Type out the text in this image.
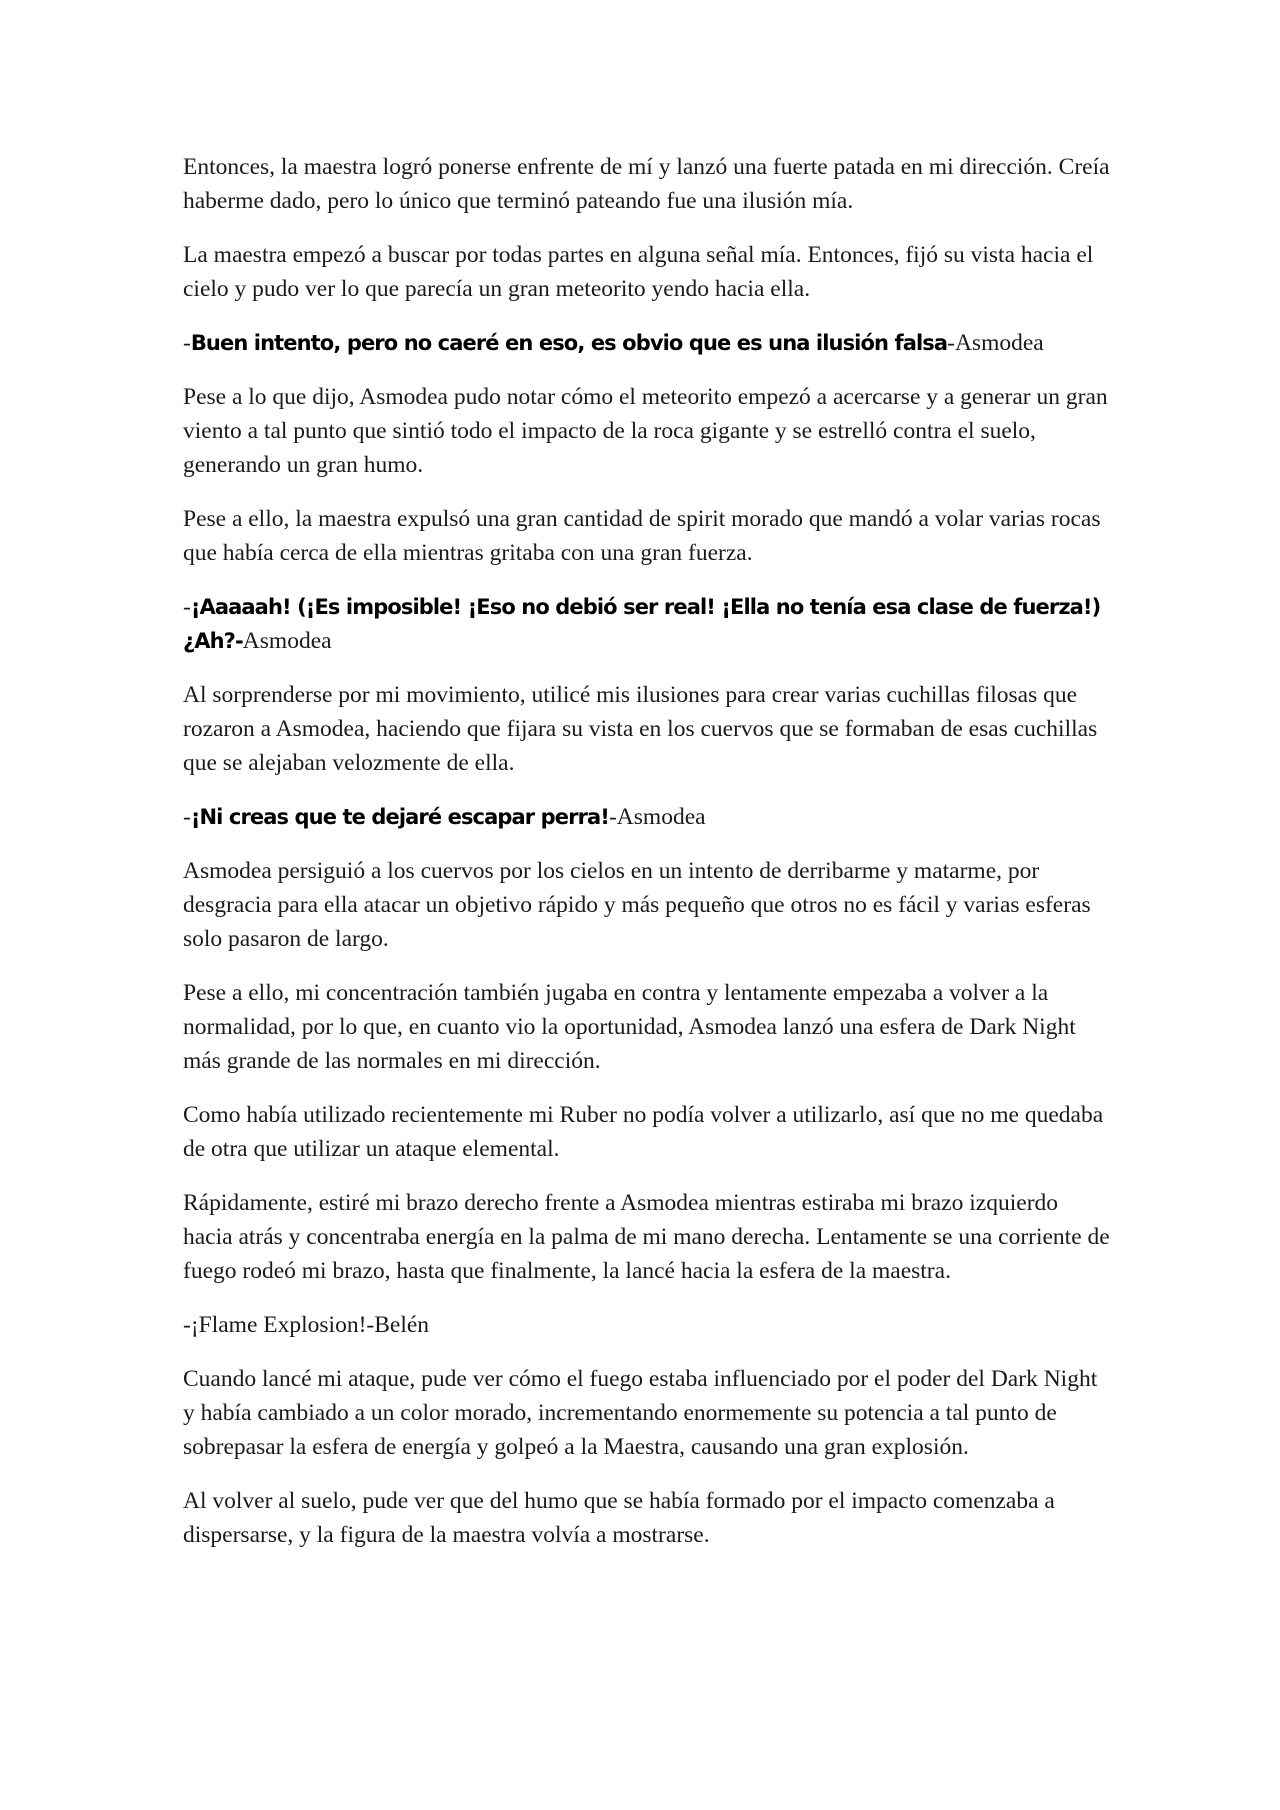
Entonces, la maestra logró ponerse enfrente de mí y lanzó una fuerte patada en mi dirección. Creía haberme dado, pero lo único que terminó pateando fue una ilusión mía.

La maestra empezó a buscar por todas partes en alguna señal mía. Entonces, fijó su vista hacia el cielo y pudo ver lo que parecía un gran meteorito yendo hacia ella.

-Buen intento, pero no caeré en eso, es obvio que es una ilusión falsa-Asmodea

Pese a lo que dijo, Asmodea pudo notar cómo el meteorito empezó a acercarse y a generar un gran viento a tal punto que sintió todo el impacto de la roca gigante y se estrelló contra el suelo, generando un gran humo.

Pese a ello, la maestra expulsó una gran cantidad de spirit morado que mandó a volar varias rocas que había cerca de ella mientras gritaba con una gran fuerza.

-¡Aaaaah! (¡Es imposible! ¡Eso no debió ser real! ¡Ella no tenía esa clase de fuerza!) ¿Ah?-Asmodea

Al sorprenderse por mi movimiento, utilicé mis ilusiones para crear varias cuchillas filosas que rozaron a Asmodea, haciendo que fijara su vista en los cuervos que se formaban de esas cuchillas que se alejaban velozmente de ella.

-¡Ni creas que te dejaré escapar perra!-Asmodea

Asmodea persiguió a los cuervos por los cielos en un intento de derribarme y matarme, por desgracia para ella atacar un objetivo rápido y más pequeño que otros no es fácil y varias esferas solo pasaron de largo.

Pese a ello, mi concentración también jugaba en contra y lentamente empezaba a volver a la normalidad, por lo que, en cuanto vio la oportunidad, Asmodea lanzó una esfera de Dark Night más grande de las normales en mi dirección.

Como había utilizado recientemente mi Ruber no podía volver a utilizarlo, así que no me quedaba de otra que utilizar un ataque elemental.

Rápidamente, estiré mi brazo derecho frente a Asmodea mientras estiraba mi brazo izquierdo hacia atrás y concentraba energía en la palma de mi mano derecha. Lentamente se una corriente de fuego rodeó mi brazo, hasta que finalmente, la lancé hacia la esfera de la maestra.

-¡Flame Explosion!-Belén

Cuando lancé mi ataque, pude ver cómo el fuego estaba influenciado por el poder del Dark Night y había cambiado a un color morado, incrementando enormemente su potencia a tal punto de sobrepasar la esfera de energía y golpeó a la Maestra, causando una gran explosión.

Al volver al suelo, pude ver que del humo que se había formado por el impacto comenzaba a dispersarse, y la figura de la maestra volvía a mostrarse.
